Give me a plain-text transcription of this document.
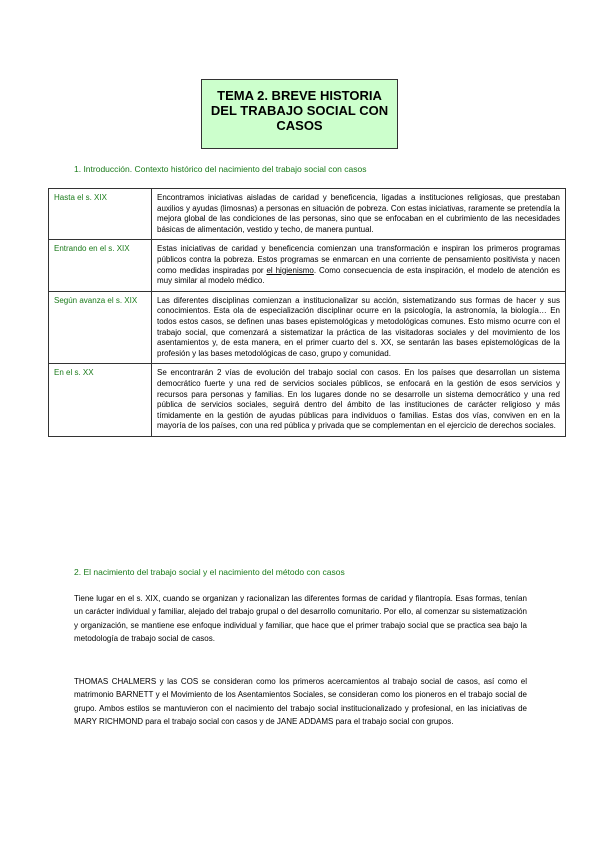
TEMA 2. BREVE HISTORIA
DEL TRABAJO SOCIAL CON
CASOS
1. Introducción. Contexto histórico del nacimiento del trabajo social con casos
Hasta el s. XIX	Encontramos iniciativas aisladas de caridad y beneficencia, ligadas a instituciones religiosas, que prestaban auxilios y ayudas (limosnas) a personas en situación de pobreza. Con estas iniciativas, raramente se pretendía la mejora global de las condiciones de las personas, sino que se enfocaban en el cubrimiento de las necesidades básicas de alimentación, vestido y techo, de manera puntual.
Entrando en el s. XIX	Estas iniciativas de caridad y beneficencia comienzan una transformación e inspiran los primeros programas públicos contra la pobreza. Estos programas se enmarcan en una corriente de pensamiento positivista y nacen como medidas inspiradas por el higienismo. Como consecuencia de esta inspiración, el modelo de atención es muy similar al modelo médico.
Según avanza el s. XIX	Las diferentes disciplinas comienzan a institucionalizar su acción, sistematizando sus formas de hacer y sus conocimientos. Esta ola de especialización disciplinar ocurre en la psicología, la astronomía, la biología… En todos estos casos, se definen unas bases epistemológicas y metodológicas comunes. Esto mismo ocurre con el trabajo social, que comenzará a sistematizar la práctica de las visitadoras sociales y del movimiento de los asentamientos y, de esta manera, en el primer cuarto del s. XX, se sentarán las bases epistemológicas de la profesión y las bases metodológicas de caso, grupo y comunidad.
En el s. XX	Se encontrarán 2 vías de evolución del trabajo social con casos. En los países que desarrollan un sistema democrático fuerte y una red de servicios sociales públicos, se enfocará en la gestión de esos servicios y recursos para personas y familias. En los lugares donde no se desarrolle un sistema democrático y una red pública de servicios sociales, seguirá dentro del ámbito de las instituciones de carácter religioso y más tímidamente en la gestión de ayudas públicas para individuos o familias. Estas dos vías, conviven en en la mayoría de los países, con una red pública y privada que se complementan en el ejercicio de derechos sociales.
2. El nacimiento del trabajo social y el nacimiento del método con casos
Tiene lugar en el s. XIX, cuando se organizan y racionalizan las diferentes formas de caridad y filantropía. Esas formas, tenían un carácter individual y familiar, alejado del trabajo grupal o del desarrollo comunitario. Por ello, al comenzar su sistematización y organización, se mantiene ese enfoque individual y familiar, que hace que el primer trabajo social que se practica sea bajo la metodología de trabajo social de casos.
THOMAS CHALMERS y las COS se consideran como los primeros acercamientos al trabajo social de casos, así como el matrimonio BARNETT y el Movimiento de los Asentamientos Sociales, se consideran como los pioneros en el trabajo social de grupo. Ambos estilos se mantuvieron con el nacimiento del trabajo social institucionalizado y profesional, en las iniciativas de MARY RICHMOND para el trabajo social con casos y de JANE ADDAMS para el trabajo social con grupos.
